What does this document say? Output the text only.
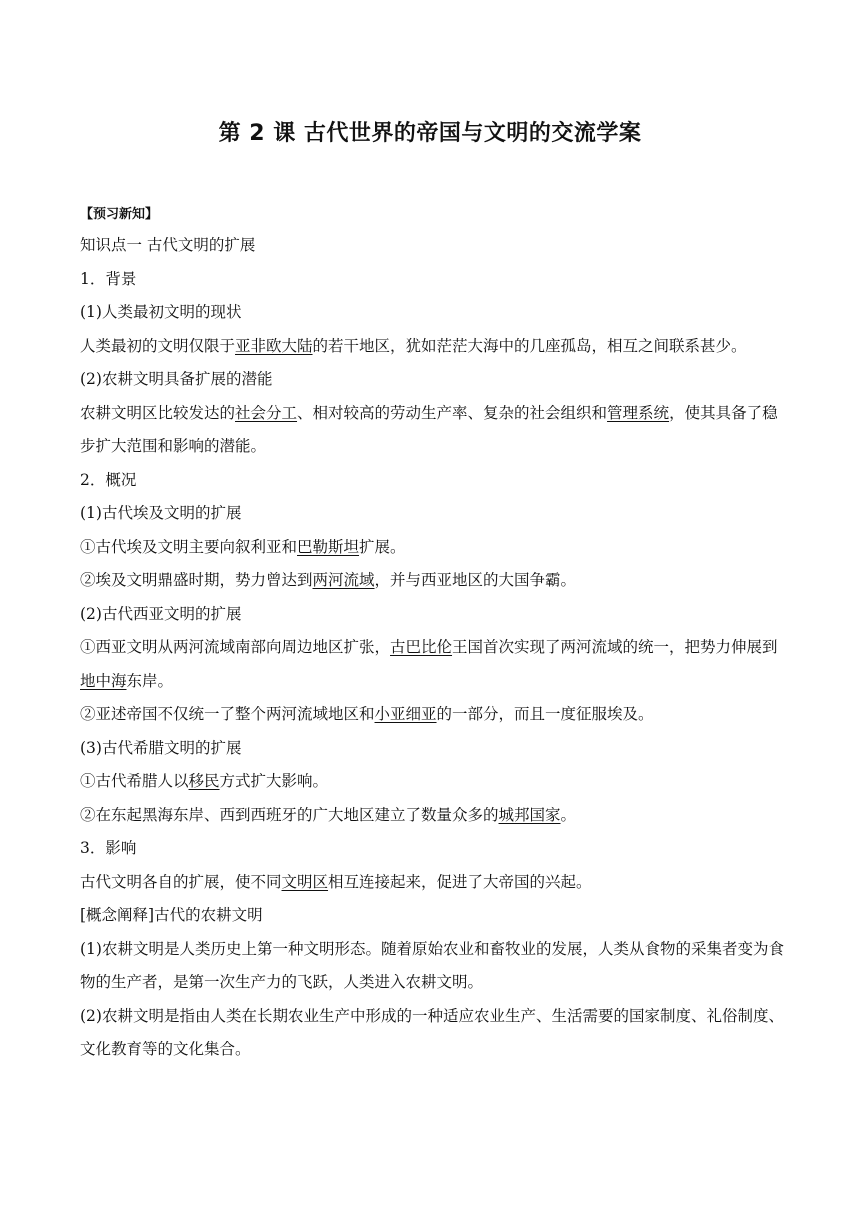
第 2 课 古代世界的帝国与文明的交流学案

【预习新知】

知识点一 古代文明的扩展

1．背景

(1)人类最初文明的现状

人类最初的文明仅限于亚非欧大陆的若干地区，犹如茫茫大海中的几座孤岛，相互之间联系甚少。

(2)农耕文明具备扩展的潜能

农耕文明区比较发达的社会分工、相对较高的劳动生产率、复杂的社会组织和管理系统，使其具备了稳步扩大范围和影响的潜能。

2．概况

(1)古代埃及文明的扩展

①古代埃及文明主要向叙利亚和巴勒斯坦扩展。

②埃及文明鼎盛时期，势力曾达到两河流域，并与西亚地区的大国争霸。

(2)古代西亚文明的扩展

①西亚文明从两河流域南部向周边地区扩张，古巴比伦王国首次实现了两河流域的统一，把势力伸展到地中海东岸。

②亚述帝国不仅统一了整个两河流域地区和小亚细亚的一部分，而且一度征服埃及。

(3)古代希腊文明的扩展

①古代希腊人以移民方式扩大影响。

②在东起黑海东岸、西到西班牙的广大地区建立了数量众多的城邦国家。

3．影响

古代文明各自的扩展，使不同文明区相互连接起来，促进了大帝国的兴起。

[概念阐释]古代的农耕文明

(1)农耕文明是人类历史上第一种文明形态。随着原始农业和畜牧业的发展，人类从食物的采集者变为食物的生产者，是第一次生产力的飞跃，人类进入农耕文明。

(2)农耕文明是指由人类在长期农业生产中形成的一种适应农业生产、生活需要的国家制度、礼俗制度、文化教育等的文化集合。
